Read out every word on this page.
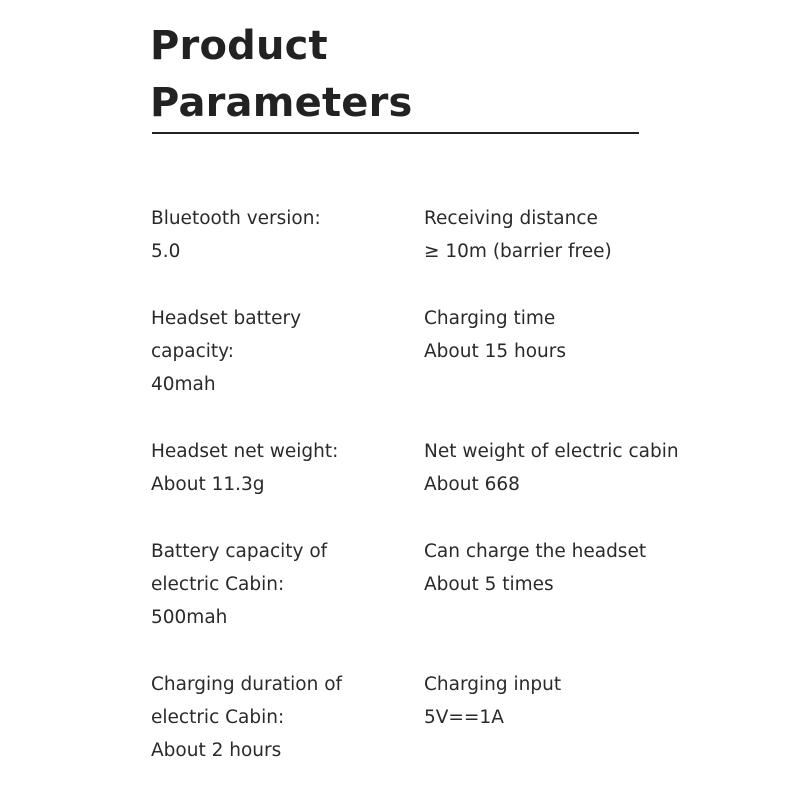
Product
Parameters
Bluetooth version:
5.0
Receiving distance
≥ 10m (barrier free)
Headset battery
capacity:
40mah
Charging time
About 15 hours
Headset net weight:
About 11.3g
Net weight of electric cabin
About 668
Battery capacity of
electric Cabin:
500mah
Can charge the headset
About 5 times
Charging duration of
electric Cabin:
About 2 hours
Charging input
5V==1A
